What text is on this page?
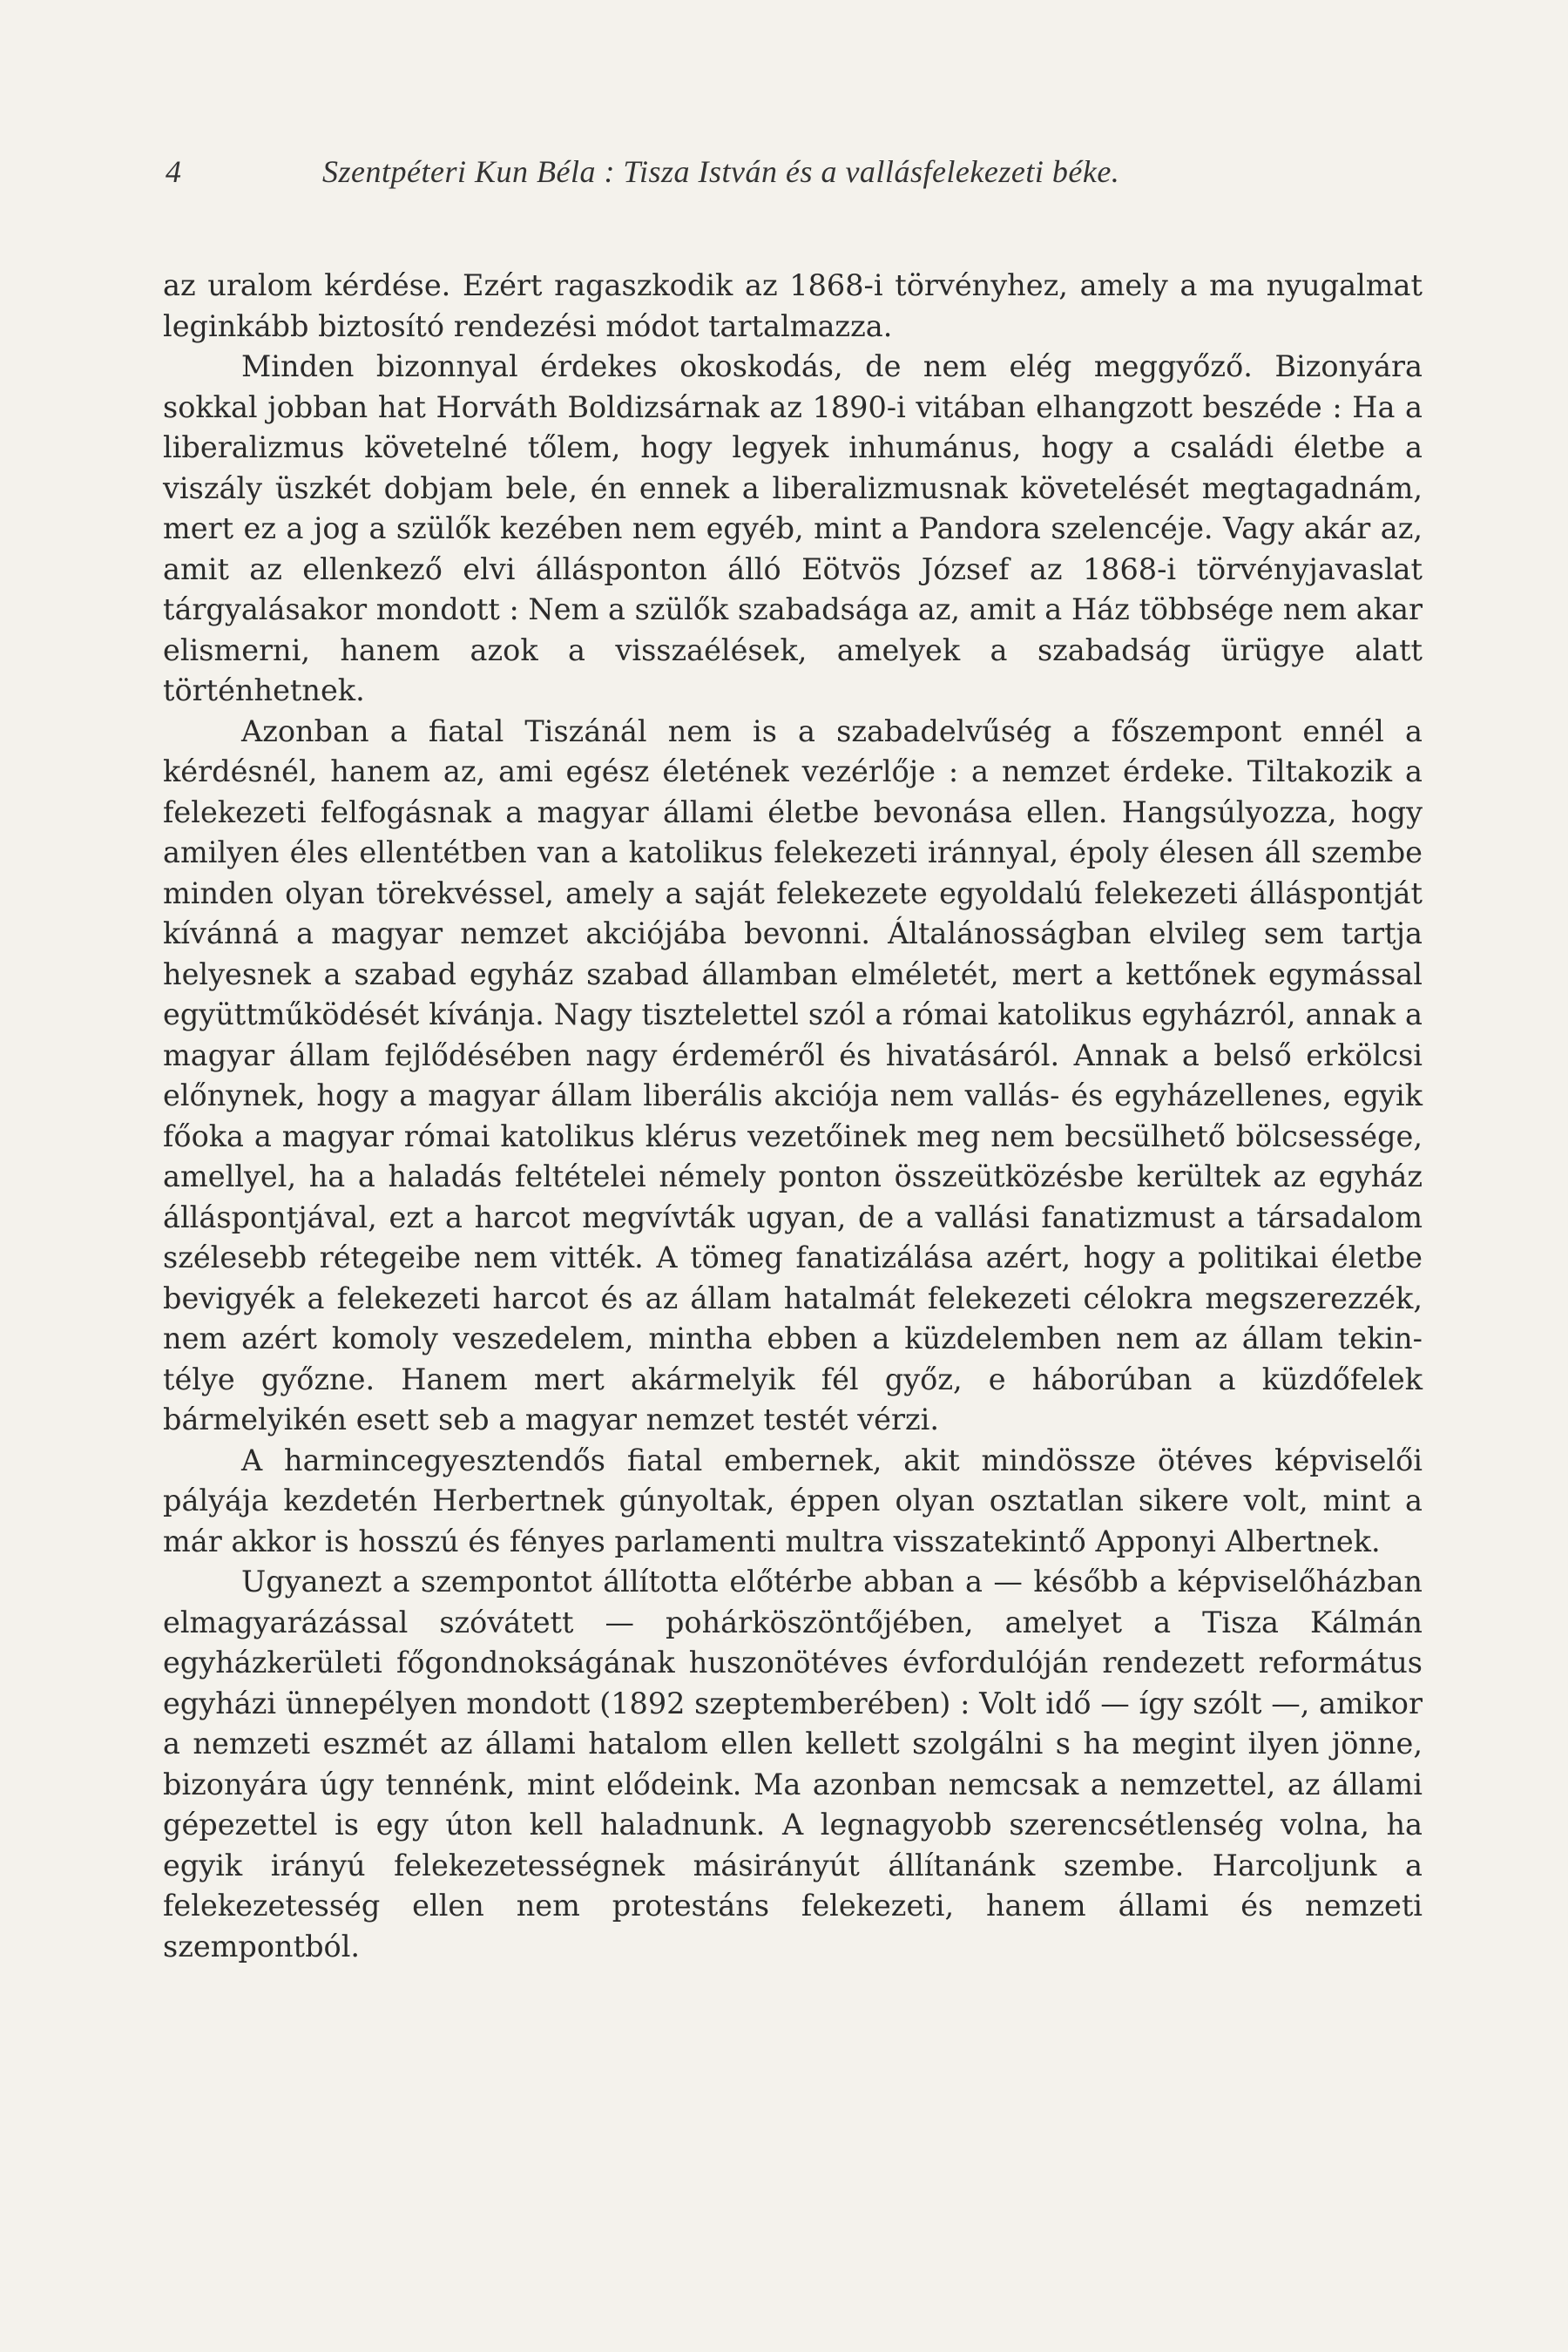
4	Szentpéteri Kun Béla : Tisza István és a vallásfelekezeti béke.

az uralom kérdése. Ezért ragaszkodik az 1868-i törvényhez, amely a ma nyugalmat leginkább biztosító rendezési módot tartalmazza.

Minden bizonnyal érdekes okoskodás, de nem elég meggyőző. Bizonyára sokkal jobban hat Horváth Boldizsárnak az 1890-i vitában elhangzott beszéde : Ha a liberalizmus követelné tőlem, hogy legyek inhumánus, hogy a családi életbe a viszály üszkét dobjam bele, én ennek a liberalizmusnak követelését megtagadnám, mert ez a jog a szülők kezében nem egyéb, mint a Pandora szelencéje. Vagy akár az, amit az ellenkező elvi állásponton álló Eötvös József az 1868-i törvényjavaslat tárgyalásakor mondott : Nem a szülők szabadsága az, amit a Ház többsége nem akar elismerni, hanem azok a visszaélések, amelyek a szabadság ürügye alatt történhetnek.

Azonban a fiatal Tiszánál nem is a szabadelvűség a főszempont ennél a kérdésnél, hanem az, ami egész életének vezérlője : a nemzet érdeke. Tiltakozik a felekezeti felfogásnak a magyar állami életbe bevonása ellen. Hangsúlyozza, hogy amilyen éles ellentétben van a katolikus felekezeti iránnyal, époly élesen áll szembe minden olyan törekvéssel, amely a saját felekezete egyoldalú felekezeti álláspontját kívánná a magyar nemzet akciójába bevonni. Általánosságban elvileg sem tartja helyesnek a szabad egyház szabad államban elméletét, mert a kettőnek egymással együttműködését kívánja. Nagy tisztelettel szól a római katolikus egyházról, annak a magyar állam fejlődésében nagy érdeméről és hivatásáról. Annak a belső erkölcsi előnynek, hogy a magyar állam liberális akciója nem vallás- és egyházellenes, egyik főoka a magyar római katolikus klérus vezetőinek meg nem becsülhető bölcsessége, amellyel, ha a haladás feltételei némely ponton összeütközésbe kerültek az egyház álláspontjával, ezt a harcot megvívták ugyan, de a vallási fanatizmust a társadalom szélesebb rétegeibe nem vitték. A tömeg fanatizálása azért, hogy a politikai életbe bevigyék a felekezeti harcot és az állam hatalmát felekezeti célokra megszerezzék, nem azért komoly veszedelem, mintha ebben a küzdelemben nem az állam tekintélye győzne. Hanem mert akármelyik fél győz, e háborúban a küzdőfelek bármelyikén esett seb a magyar nemzet testét vérzi.

A harmincegyesztendős fiatal embernek, akit mindössze ötéves képviselői pályája kezdetén Herbertnek gúnyoltak, éppen olyan osztatlan sikere volt, mint a már akkor is hosszú és fényes parlamenti multra visszatekintő Apponyi Albertnek.

Ugyanezt a szempontot állította előtérbe abban a — később a képviselőházban elmagyarázással szóvátett — pohárköszöntőjében, amelyet a Tisza Kálmán egyházkerületi főgondnokságának huszonötéves évfordulóján rendezett református egyházi ünnepélyen mondott (1892 szeptemberében) : Volt idő — így szólt —, amikor a nemzeti eszmét az állami hatalom ellen kellett szolgálni s ha megint ilyen jönne, bizonyára úgy tennénk, mint elődeink. Ma azonban nemcsak a nemzettel, az állami gépezettel is egy úton kell haladnunk. A legnagyobb szerencsétlenség volna, ha egyik irányú felekezetességnek másirányút állítanánk szembe. Harcoljunk a felekezetesség ellen nem protestáns felekezeti, hanem állami és nemzeti szempontból.
